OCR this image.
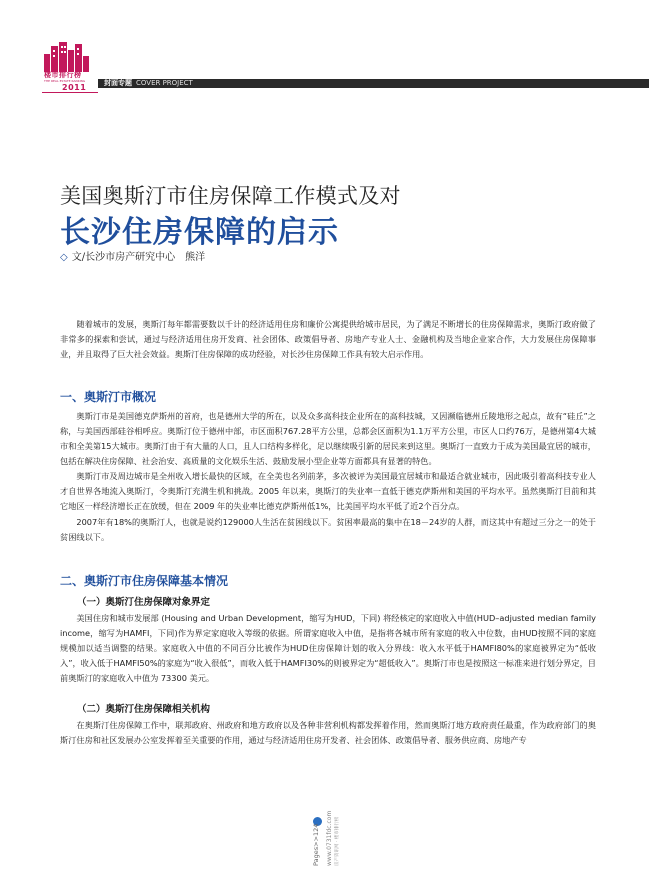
楼市排行榜
THE REAL ESTATE RANKING
2011	封面专题 COVER PROJECT
美国奥斯汀市住房保障工作模式及对
长沙住房保障的启示
◇ 文/长沙市房产研究中心　熊洋
随着城市的发展，奥斯汀每年都需要数以千计的经济适用住房和廉价公寓提供给城市居民，为了满足不断增长的住房保障需求，奥斯汀政府做了非常多的探索和尝试，通过与经济适用住房开发商、社会团体、政策倡导者、房地产专业人士、金融机构及当地企业家合作，大力发展住房保障事业，并且取得了巨大社会效益。奥斯汀住房保障的成功经验，对长沙住房保障工作具有较大启示作用。
一、奥斯汀市概况
奥斯汀市是美国德克萨斯州的首府，也是德州大学的所在，以及众多高科技企业所在的高科技城，又因濒临德州丘陵地形之起点，故有“硅丘”之称，与美国西部硅谷相呼应。奥斯汀位于德州中部，市区面积767.28平方公里，总都会区面积为1.1万平方公里，市区人口约76万，是德州第4大城市和全美第15大城市。奥斯汀由于有大量的人口，且人口结构多样化，足以继续吸引新的居民来到这里。奥斯汀一直致力于成为美国最宜居的城市，包括在解决住房保障、社会治安、高质量的文化娱乐生活、鼓励发展小型企业等方面都具有显著的特色。
奥斯汀市及周边城市是全州收入增长最快的区域，在全美也名列前茅，多次被评为美国最宜居城市和最适合就业城市，因此吸引着高科技专业人才自世界各地流入奥斯汀，令奥斯汀充满生机和挑战。2005 年以来，奥斯汀的失业率一直低于德克萨斯州和美国的平均水平。虽然奥斯汀目前和其它地区一样经济增长正在放缓，但在 2009 年的失业率比德克萨斯州低1%，比美国平均水平低了近2个百分点。
2007年有18%的奥斯汀人，也就是说约129000人生活在贫困线以下。贫困率最高的集中在18－24岁的人群，而这其中有超过三分之一的处于贫困线以下。
二、奥斯汀市住房保障基本情况
（一）奥斯汀住房保障对象界定
美国住房和城市发展部 (Housing and Urban Development，缩写为HUD，下同) 将经核定的家庭收入中值(HUD–adjusted median family income，缩写为HAMFI，下同)作为界定家庭收入等级的依据。所谓家庭收入中值，是指将各城市所有家庭的收入中位数，由HUD按照不同的家庭规模加以适当调整的结果。家庭收入中值的不同百分比被作为HUD住房保障计划的收入分界线：收入水平低于HAMFI80%的家庭被界定为“低收入”，收入低于HAMFI50%的家庭为“收入很低”，而收入低于HAMFI30%的则被界定为“超低收入”。奥斯汀市也是按照这一标准来进行划分界定，目前奥斯汀的家庭收入中值为 73300 美元。
（二）奥斯汀住房保障相关机构
在奥斯汀住房保障工作中，联邦政府、州政府和地方政府以及各种非营利机构都发挥着作用，然而奥斯汀地方政府责任最重，作为政府部门的奥斯汀住房和社区发展办公室发挥着至关重要的作用，通过与经济适用住房开发者、社会团体、政策倡导者、服务供应商、房地产专
Pages>>124 www.0731fdc.com 房产资讯网 · 楼市排行榜
